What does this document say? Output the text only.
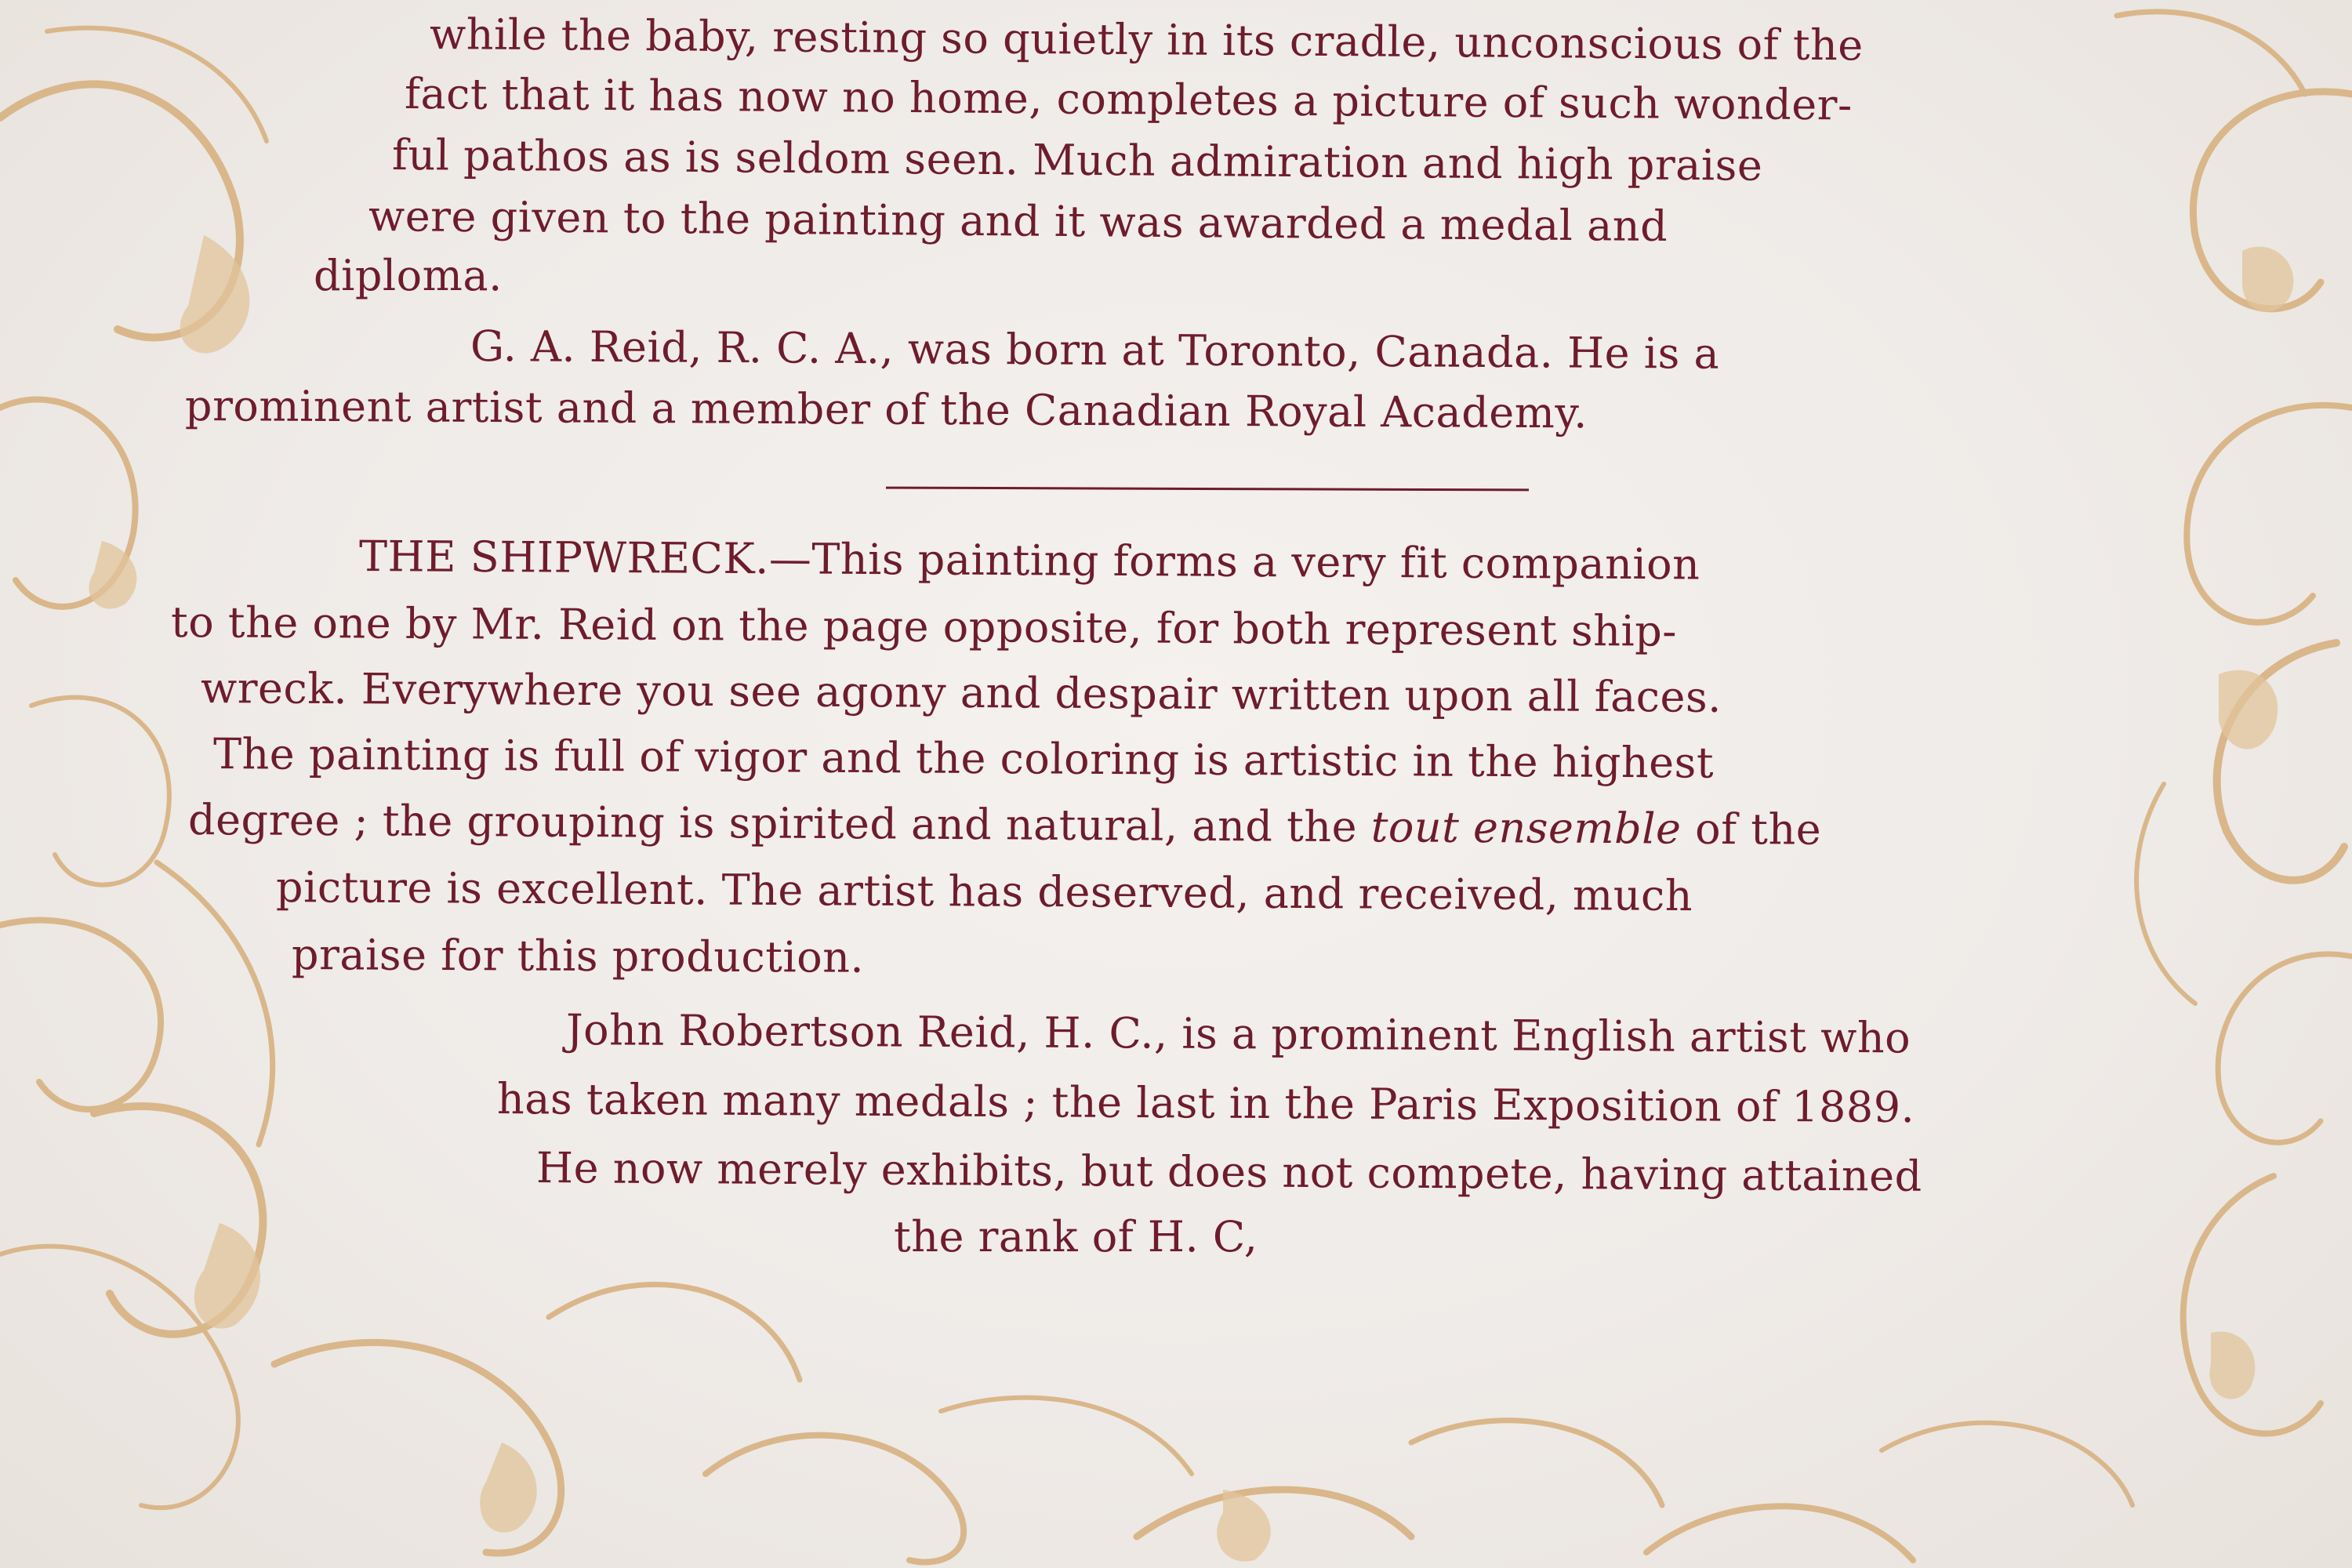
while the baby, resting so quietly in its cradle, unconscious of the
fact that it has now no home, completes a picture of such wonder-
ful pathos as is seldom seen. Much admiration and high praise
were given to the painting and it was awarded a medal and
diploma.
G. A. Reid, R. C. A., was born at Toronto, Canada. He is a
prominent artist and a member of the Canadian Royal Academy.
THE SHIPWRECK.—This painting forms a very fit companion
to the one by Mr. Reid on the page opposite, for both represent ship-
wreck. Everywhere you see agony and despair written upon all faces.
The painting is full of vigor and the coloring is artistic in the highest
degree ; the grouping is spirited and natural, and the tout ensemble of the
picture is excellent. The artist has deserved, and received, much
praise for this production.
John Robertson Reid, H. C., is a prominent English artist who
has taken many medals ; the last in the Paris Exposition of 1889.
He now merely exhibits, but does not compete, having attained
the rank of H. C,
